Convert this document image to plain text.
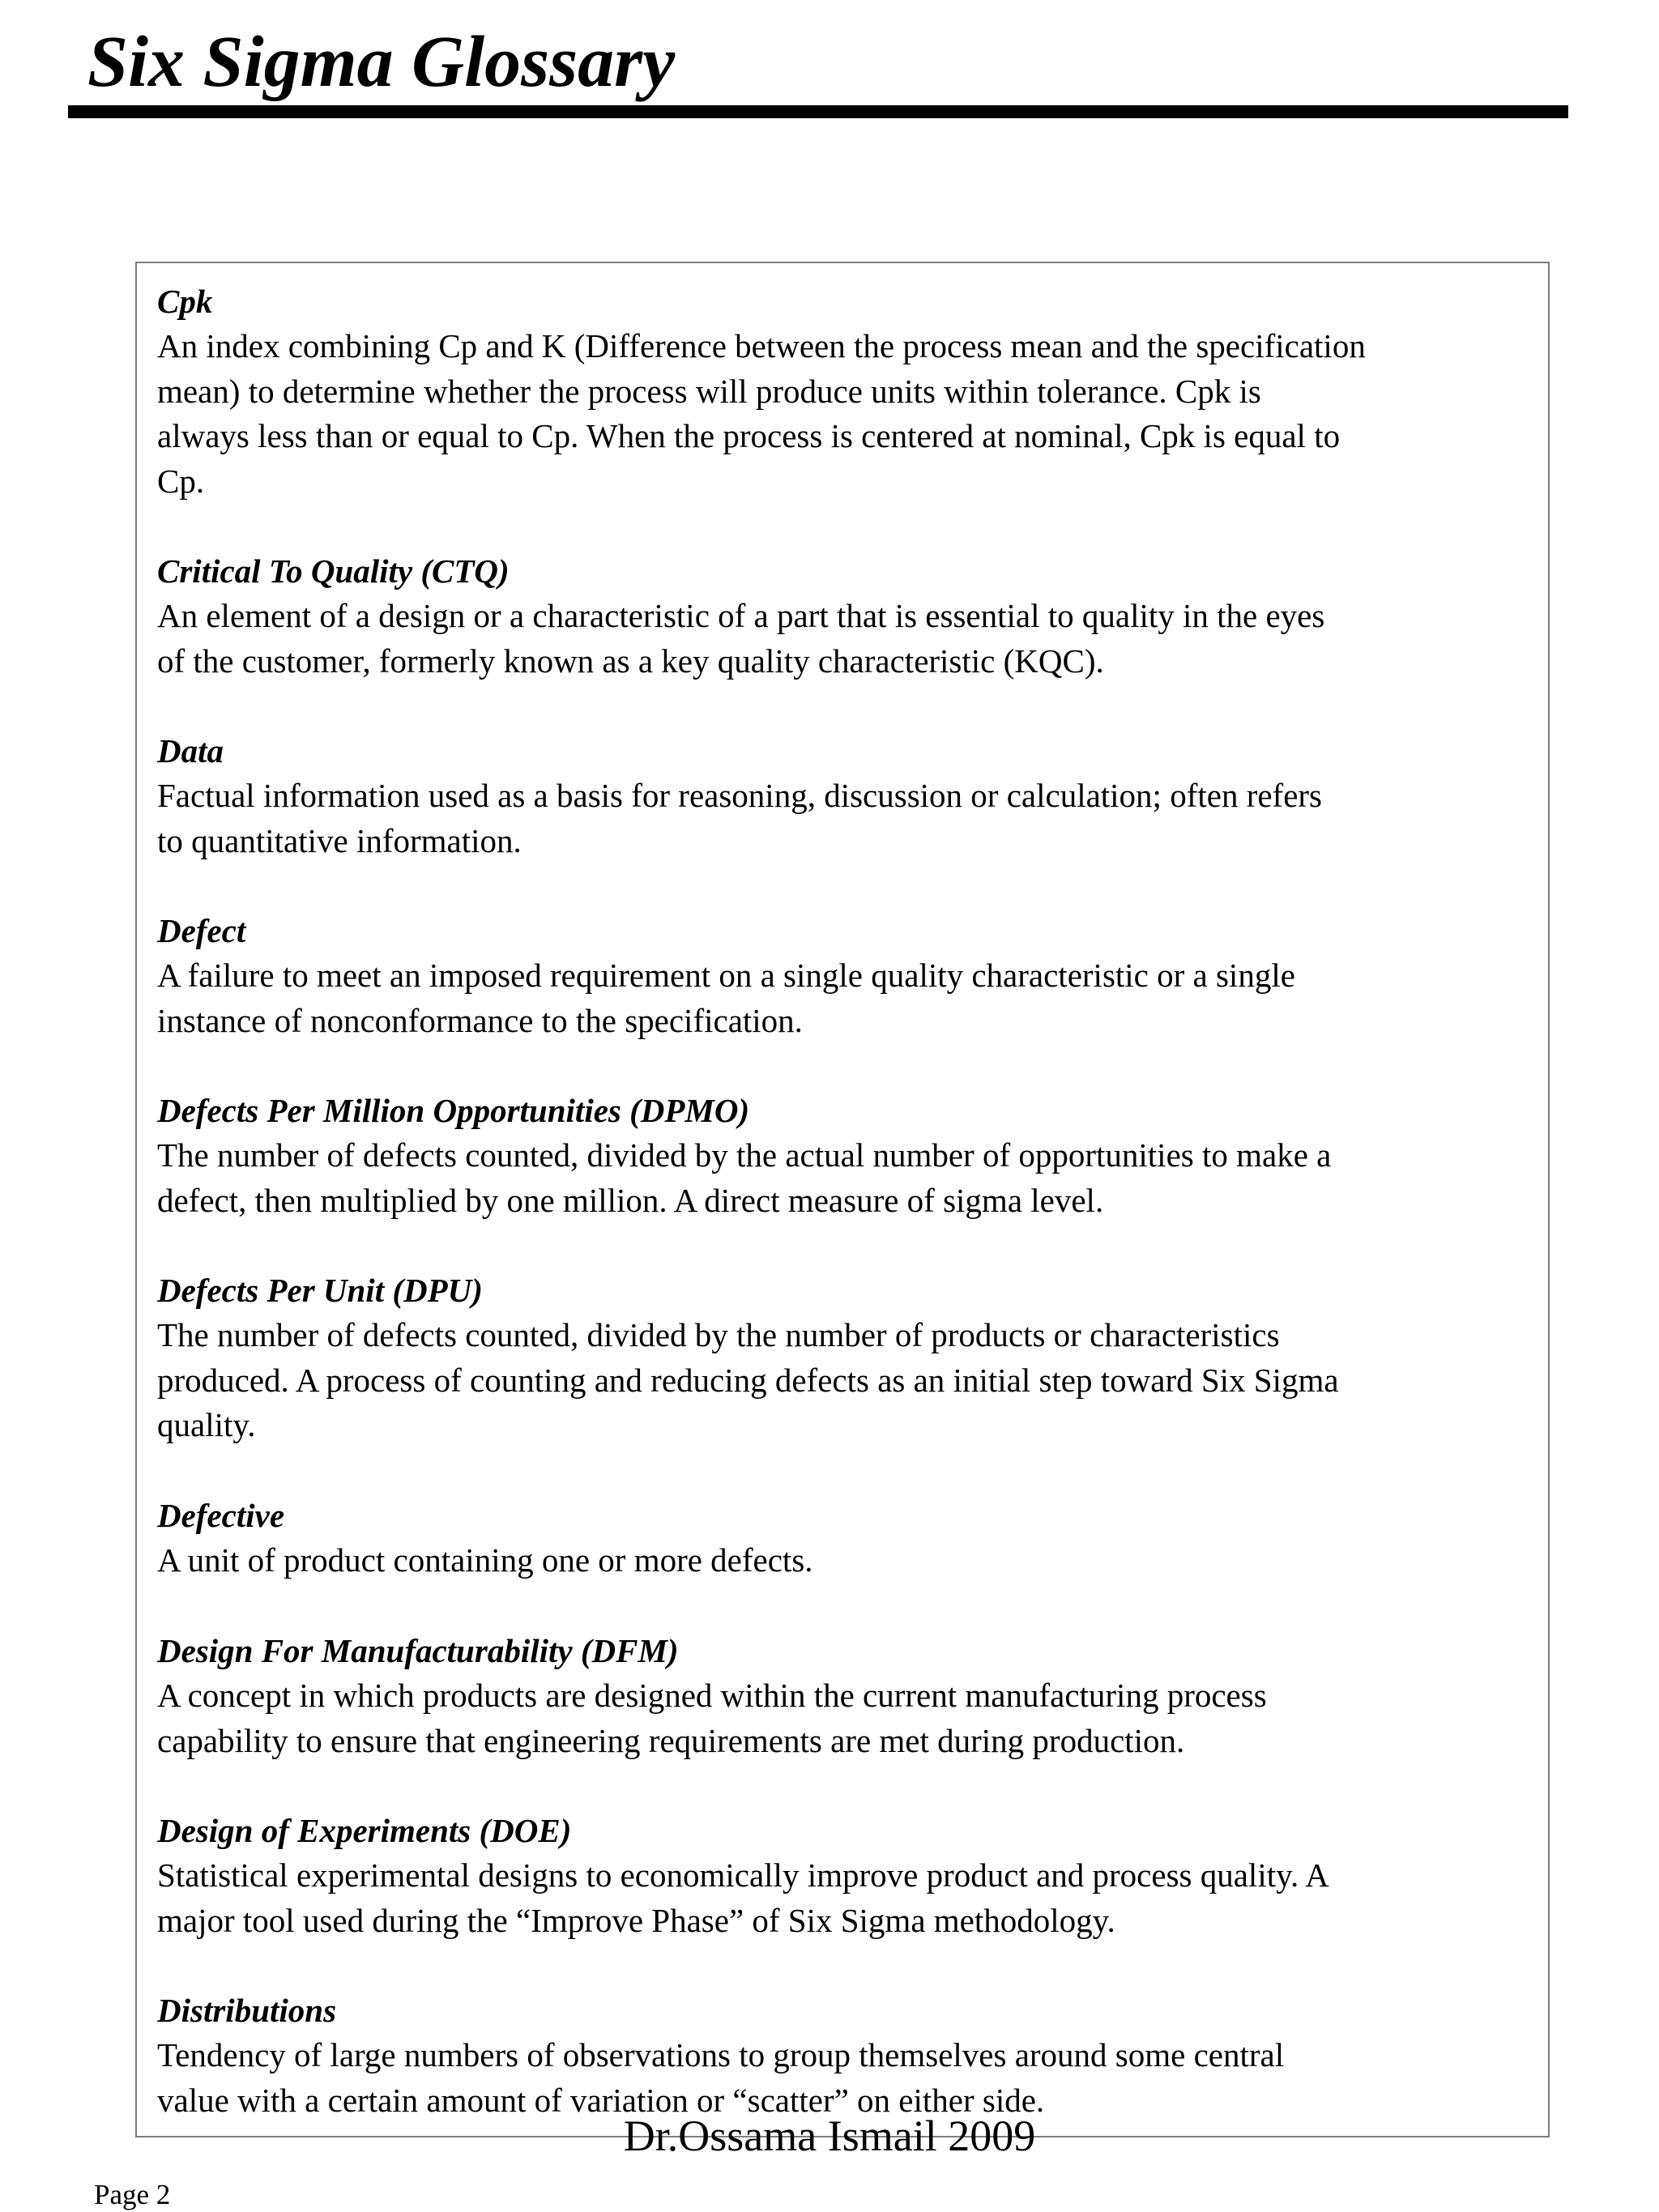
Six Sigma Glossary
Cpk
An index combining Cp and K (Difference between the process mean and the specification
mean) to determine whether the process will produce units within tolerance. Cpk is
always less than or equal to Cp. When the process is centered at nominal, Cpk is equal to
Cp.
Critical To Quality (CTQ)
An element of a design or a characteristic of a part that is essential to quality in the eyes
of the customer, formerly known as a key quality characteristic (KQC).
Data
Factual information used as a basis for reasoning, discussion or calculation; often refers
to quantitative information.
Defect
A failure to meet an imposed requirement on a single quality characteristic or a single
instance of nonconformance to the specification.
Defects Per Million Opportunities (DPMO)
The number of defects counted, divided by the actual number of opportunities to make a
defect, then multiplied by one million. A direct measure of sigma level.
Defects Per Unit (DPU)
The number of defects counted, divided by the number of products or characteristics
produced. A process of counting and reducing defects as an initial step toward Six Sigma
quality.
Defective
A unit of product containing one or more defects.
Design For Manufacturability (DFM)
A concept in which products are designed within the current manufacturing process
capability to ensure that engineering requirements are met during production.
Design of Experiments (DOE)
Statistical experimental designs to economically improve product and process quality. A
major tool used during the “Improve Phase” of Six Sigma methodology.
Distributions
Tendency of large numbers of observations to group themselves around some central
value with a certain amount of variation or “scatter” on either side.
Dr.Ossama Ismail 2009
Page 2
